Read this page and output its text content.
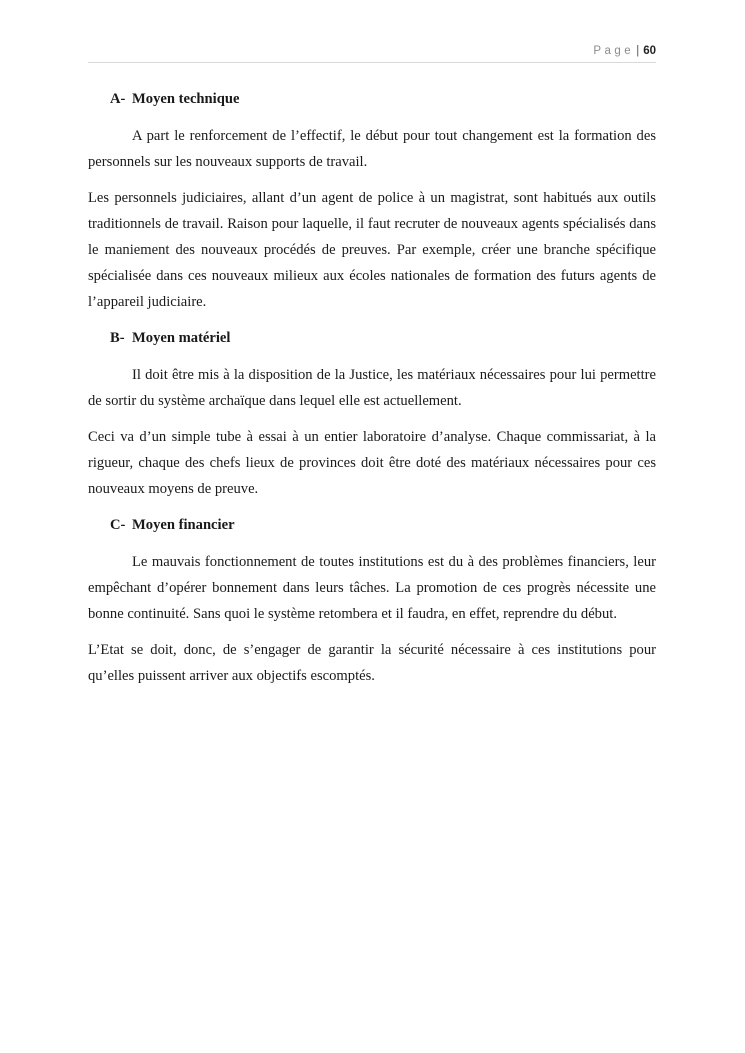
Page | 60
A- Moyen technique

A part le renforcement de l’effectif, le début pour tout changement est la formation des personnels sur les nouveaux supports de travail.

Les personnels judiciaires, allant d’un agent de police à un magistrat, sont habitués aux outils traditionnels de travail. Raison pour laquelle, il faut recruter de nouveaux agents spécialisés dans le maniement des nouveaux procédés de preuves. Par exemple, créer une branche spécifique spécialisée dans ces nouveaux milieux aux écoles nationales de formation des futurs agents de l’appareil judiciaire.

B- Moyen matériel

Il doit être mis à la disposition de la Justice, les matériaux nécessaires pour lui permettre de sortir du système archaïque dans lequel elle est actuellement.

Ceci va d’un simple tube à essai à un entier laboratoire d’analyse. Chaque commissariat, à la rigueur, chaque des chefs lieux de provinces doit être doté des matériaux nécessaires pour ces nouveaux moyens de preuve.

C- Moyen financier

Le mauvais fonctionnement de toutes institutions est du à des problèmes financiers, leur empêchant d’opérer bonnement dans leurs tâches. La promotion de ces progrès nécessite une bonne continuité. Sans quoi le système retombera et il faudra, en effet, reprendre du début.

L’Etat se doit, donc, de s’engager de garantir la sécurité nécessaire à ces institutions pour qu’elles puissent arriver aux objectifs escomptés.
